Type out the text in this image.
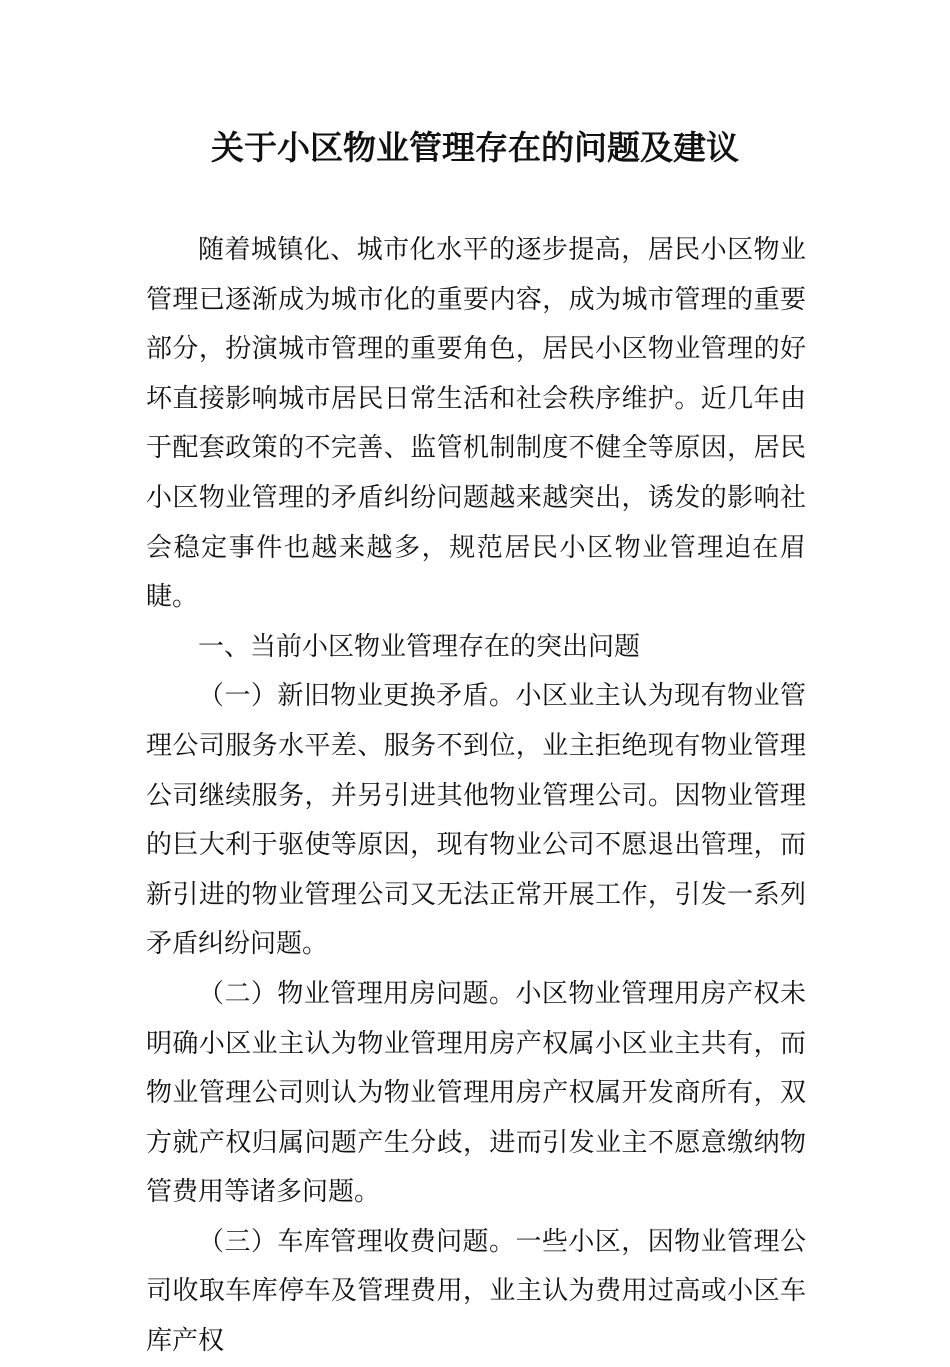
关于小区物业管理存在的问题及建议

随着城镇化、城市化水平的逐步提高，居民小区物业管理已逐渐成为城市化的重要内容，成为城市管理的重要部分，扮演城市管理的重要角色，居民小区物业管理的好坏直接影响城市居民日常生活和社会秩序维护。近几年由于配套政策的不完善、监管机制制度不健全等原因，居民小区物业管理的矛盾纠纷问题越来越突出，诱发的影响社会稳定事件也越来越多，规范居民小区物业管理迫在眉睫。

一、当前小区物业管理存在的突出问题

（一）新旧物业更换矛盾。小区业主认为现有物业管理公司服务水平差、服务不到位，业主拒绝现有物业管理公司继续服务，并另引进其他物业管理公司。因物业管理的巨大利于驱使等原因，现有物业公司不愿退出管理，而新引进的物业管理公司又无法正常开展工作，引发一系列矛盾纠纷问题。

（二）物业管理用房问题。小区物业管理用房产权未明确小区业主认为物业管理用房产权属小区业主共有，而物业管理公司则认为物业管理用房产权属开发商所有，双方就产权归属问题产生分歧，进而引发业主不愿意缴纳物管费用等诸多问题。

（三）车库管理收费问题。一些小区，因物业管理公司收取车库停车及管理费用，业主认为费用过高或小区车库产权
